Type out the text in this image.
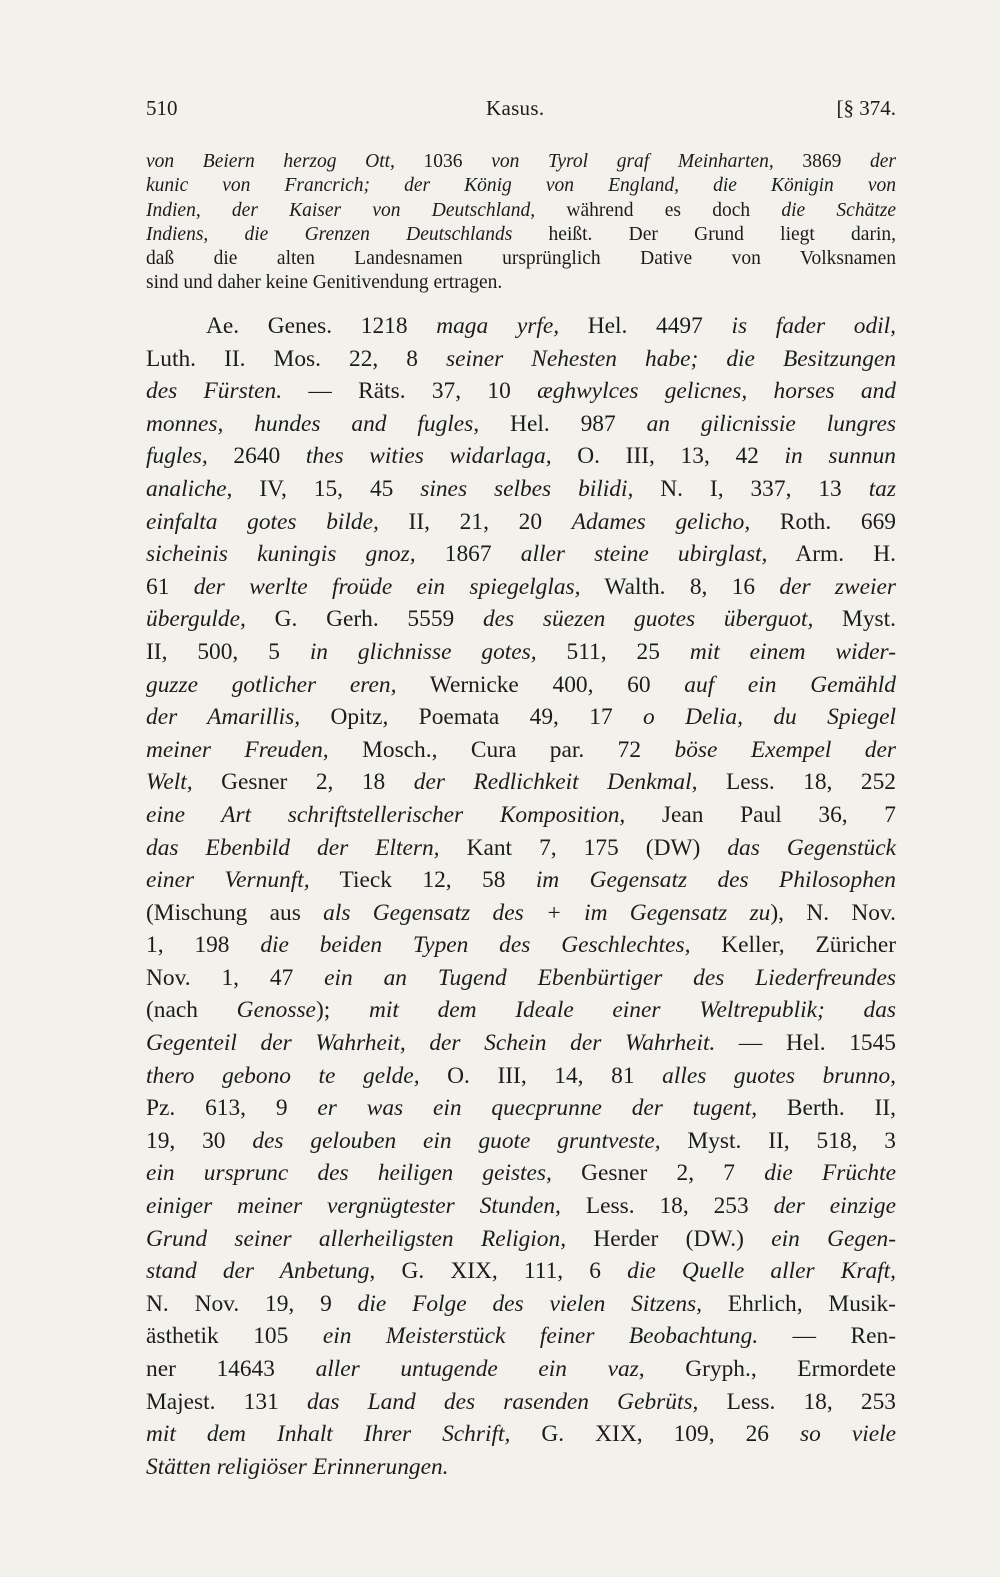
510	Kasus.	[§ 374.
von Beiern herzog Ott, 1036 von Tyrol graf Meinharten, 3869 der
kunic von Francrich; der König von England, die Königin von
Indien, der Kaiser von Deutschland, während es doch die Schätze
Indiens, die Grenzen Deutschlands heißt. Der Grund liegt darin,
daß die alten Landesnamen ursprünglich Dative von Volksnamen
sind und daher keine Genitivendung ertragen.
Ae. Genes. 1218 maga yrfe, Hel. 4497 is fader odil,
Luth. II. Mos. 22, 8 seiner Nehesten habe; die Besitzungen
des Fürsten. — Räts. 37, 10 æghwylces gelicnes, horses and
monnes, hundes and fugles, Hel. 987 an gilicnissie lungres
fugles, 2640 thes wities widarlaga, O. III, 13, 42 in sunnun
analiche, IV, 15, 45 sines selbes bilidi, N. I, 337, 13 taz
einfalta gotes bilde, II, 21, 20 Adames gelicho, Roth. 669
sicheinis kuningis gnoz, 1867 aller steine ubirglast, Arm. H.
61 der werlte froüde ein spiegelglas, Walth. 8, 16 der zweier
übergulde, G. Gerh. 5559 des süezen guotes überguot, Myst.
II, 500, 5 in glichnisse gotes, 511, 25 mit einem wider-
guzze gotlicher eren, Wernicke 400, 60 auf ein Gemähld
der Amarillis, Opitz, Poemata 49, 17 o Delia, du Spiegel
meiner Freuden, Mosch., Cura par. 72 böse Exempel der
Welt, Gesner 2, 18 der Redlichkeit Denkmal, Less. 18, 252
eine Art schriftstellerischer Komposition, Jean Paul 36, 7
das Ebenbild der Eltern, Kant 7, 175 (DW) das Gegenstück
einer Vernunft, Tieck 12, 58 im Gegensatz des Philosophen
(Mischung aus als Gegensatz des + im Gegensatz zu), N. Nov.
1, 198 die beiden Typen des Geschlechtes, Keller, Züricher
Nov. 1, 47 ein an Tugend Ebenbürtiger des Liederfreundes
(nach Genosse); mit dem Ideale einer Weltrepublik; das
Gegenteil der Wahrheit, der Schein der Wahrheit. — Hel. 1545
thero gebono te gelde, O. III, 14, 81 alles guotes brunno,
Pz. 613, 9 er was ein quecprunne der tugent, Berth. II,
19, 30 des gelouben ein guote gruntveste, Myst. II, 518, 3
ein ursprunc des heiligen geistes, Gesner 2, 7 die Früchte
einiger meiner vergnügtester Stunden, Less. 18, 253 der einzige
Grund seiner allerheiligsten Religion, Herder (DW.) ein Gegen-
stand der Anbetung, G. XIX, 111, 6 die Quelle aller Kraft,
N. Nov. 19, 9 die Folge des vielen Sitzens, Ehrlich, Musik-
ästhetik 105 ein Meisterstück feiner Beobachtung. — Ren-
ner 14643 aller untugende ein vaz, Gryph., Ermordete
Majest. 131 das Land des rasenden Gebrüts, Less. 18, 253
mit dem Inhalt Ihrer Schrift, G. XIX, 109, 26 so viele
Stätten religiöser Erinnerungen.
